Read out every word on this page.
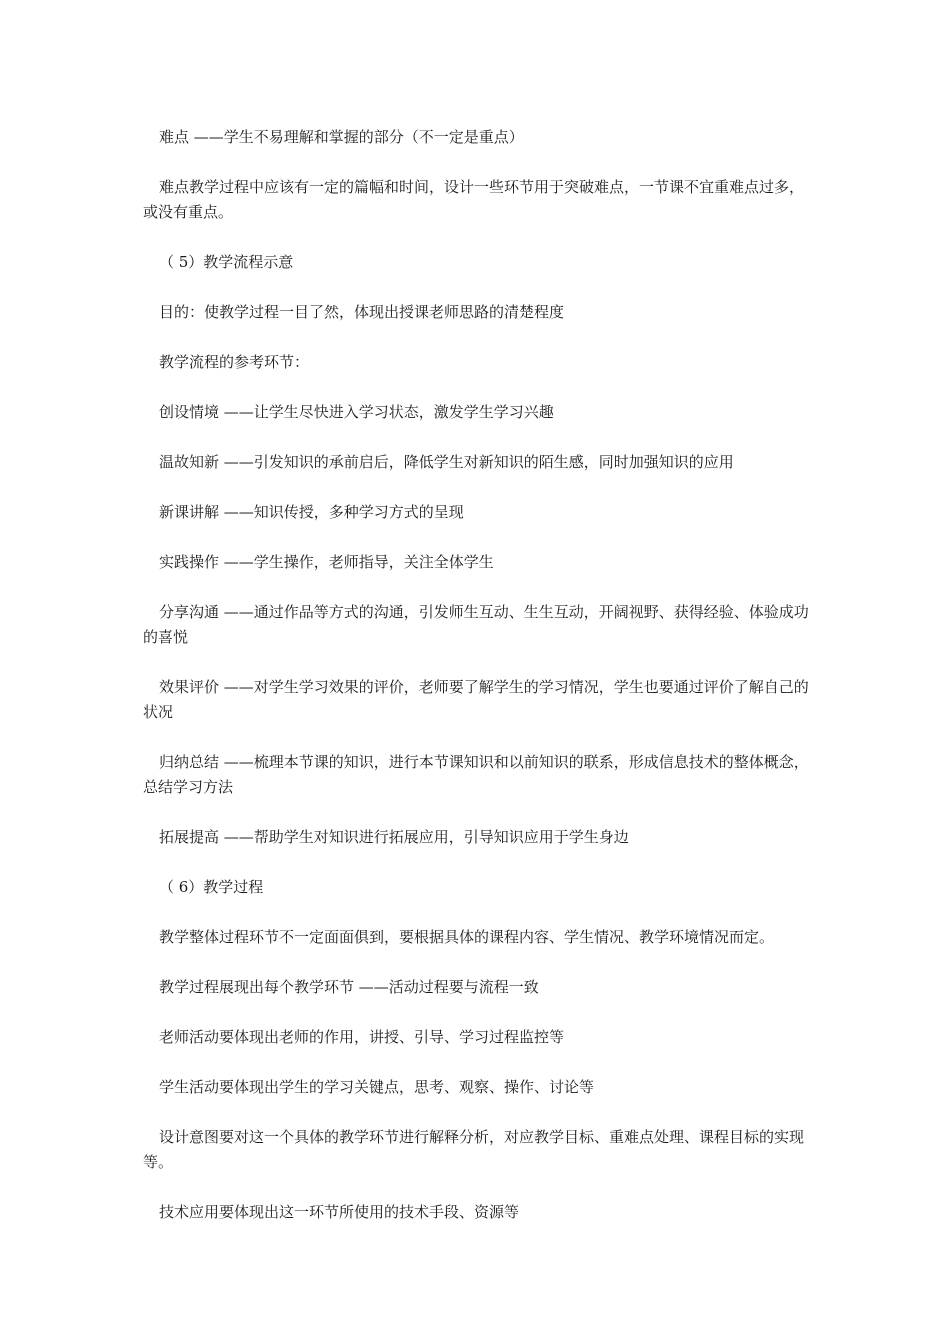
难点 ——学生不易理解和掌握的部分（不一定是重点）

难点教学过程中应该有一定的篇幅和时间，设计一些环节用于突破难点，一节课不宜重难点过多，或没有重点。

（ 5）教学流程示意

目的：使教学过程一目了然，体现出授课老师思路的清楚程度

教学流程的参考环节：

创设情境 ——让学生尽快进入学习状态，激发学生学习兴趣

温故知新 ——引发知识的承前启后，降低学生对新知识的陌生感，同时加强知识的应用

新课讲解 ——知识传授，多种学习方式的呈现

实践操作 ——学生操作，老师指导，关注全体学生

分享沟通 ——通过作品等方式的沟通，引发师生互动、生生互动，开阔视野、获得经验、体验成功的喜悦

效果评价 ——对学生学习效果的评价，老师要了解学生的学习情况，学生也要通过评价了解自己的状况

归纳总结 ——梳理本节课的知识，进行本节课知识和以前知识的联系，形成信息技术的整体概念，总结学习方法

拓展提高 ——帮助学生对知识进行拓展应用，引导知识应用于学生身边

（ 6）教学过程

教学整体过程环节不一定面面俱到，要根据具体的课程内容、学生情况、教学环境情况而定。

教学过程展现出每个教学环节 ——活动过程要与流程一致

老师活动要体现出老师的作用，讲授、引导、学习过程监控等

学生活动要体现出学生的学习关键点，思考、观察、操作、讨论等

设计意图要对这一个具体的教学环节进行解释分析，对应教学目标、重难点处理、课程目标的实现等。

技术应用要体现出这一环节所使用的技术手段、资源等
